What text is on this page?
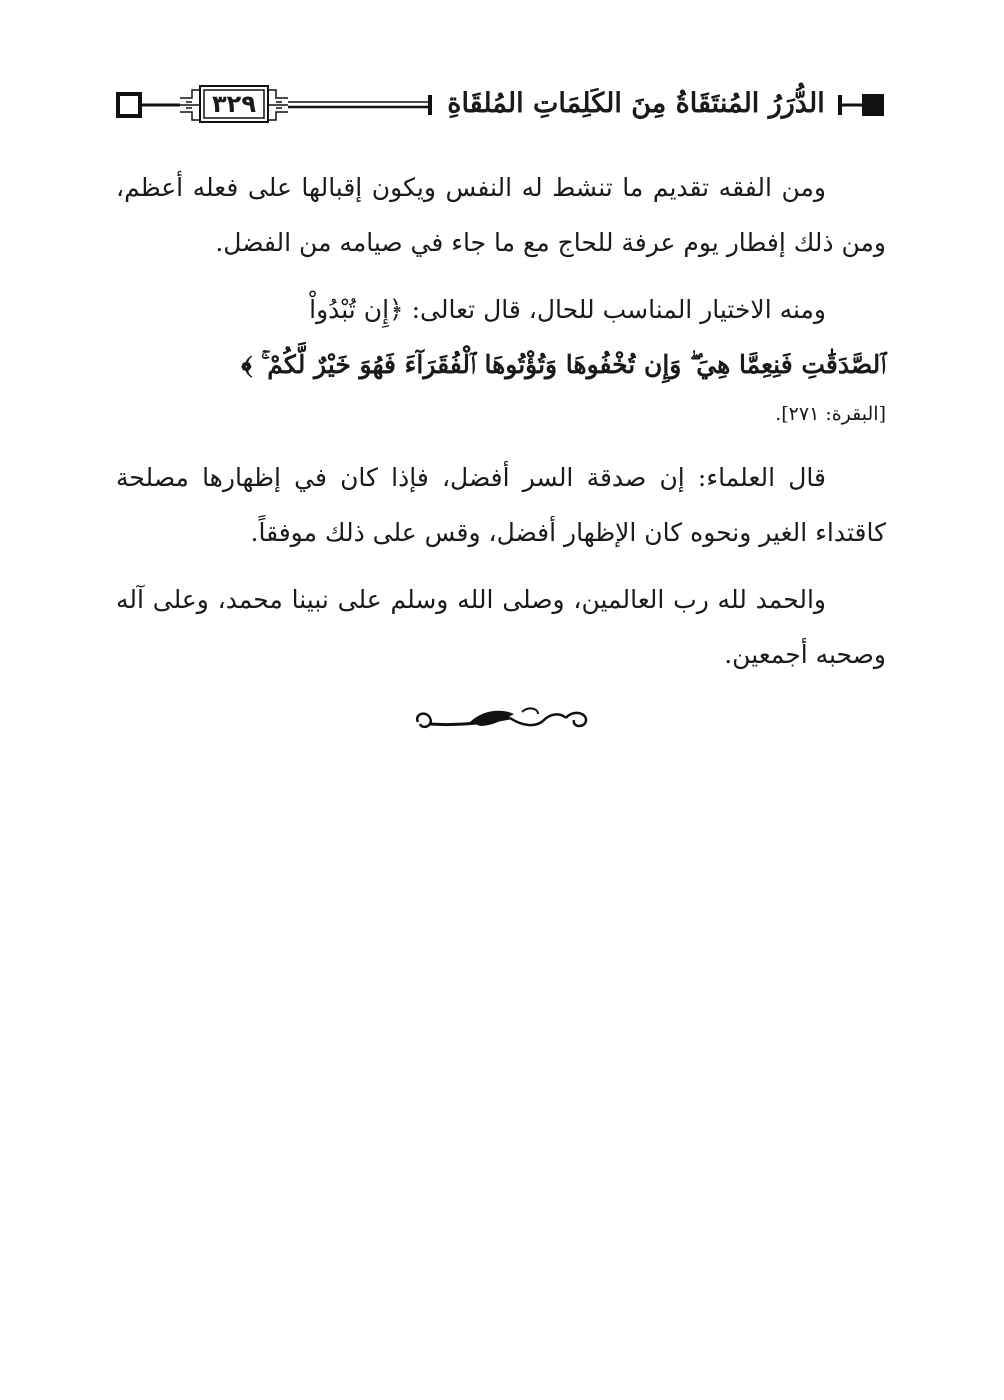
٣٢٩	الدُّرَرُ المُنتَقَاةُ مِنَ الكَلِمَاتِ المُلقَاةِ

ومن الفقه تقديم ما تنشط له النفس ويكون إقبالها على فعله أعظم، ومن ذلك إفطار يوم عرفة للحاج مع ما جاء في صيامه من الفضل.

ومنه الاختيار المناسب للحال، قال تعالى: ﴿إِن تُبْدُواْ

ٱلصَّدَقَٰتِ فَنِعِمَّا هِيَ ۖ وَإِن تُخْفُوهَا وَتُؤْتُوهَا ٱلْفُقَرَآءَ فَهُوَ خَيْرٌ لَّكُمْ ۚ ﴾

[البقرة: ٢٧١].

قال العلماء: إن صدقة السر أفضل، فإذا كان في إظهارها مصلحة كاقتداء الغير ونحوه كان الإظهار أفضل، وقس على ذلك موفقاً.

والحمد لله رب العالمين، وصلى الله وسلم على نبينا محمد، وعلى آله وصحبه أجمعين.
